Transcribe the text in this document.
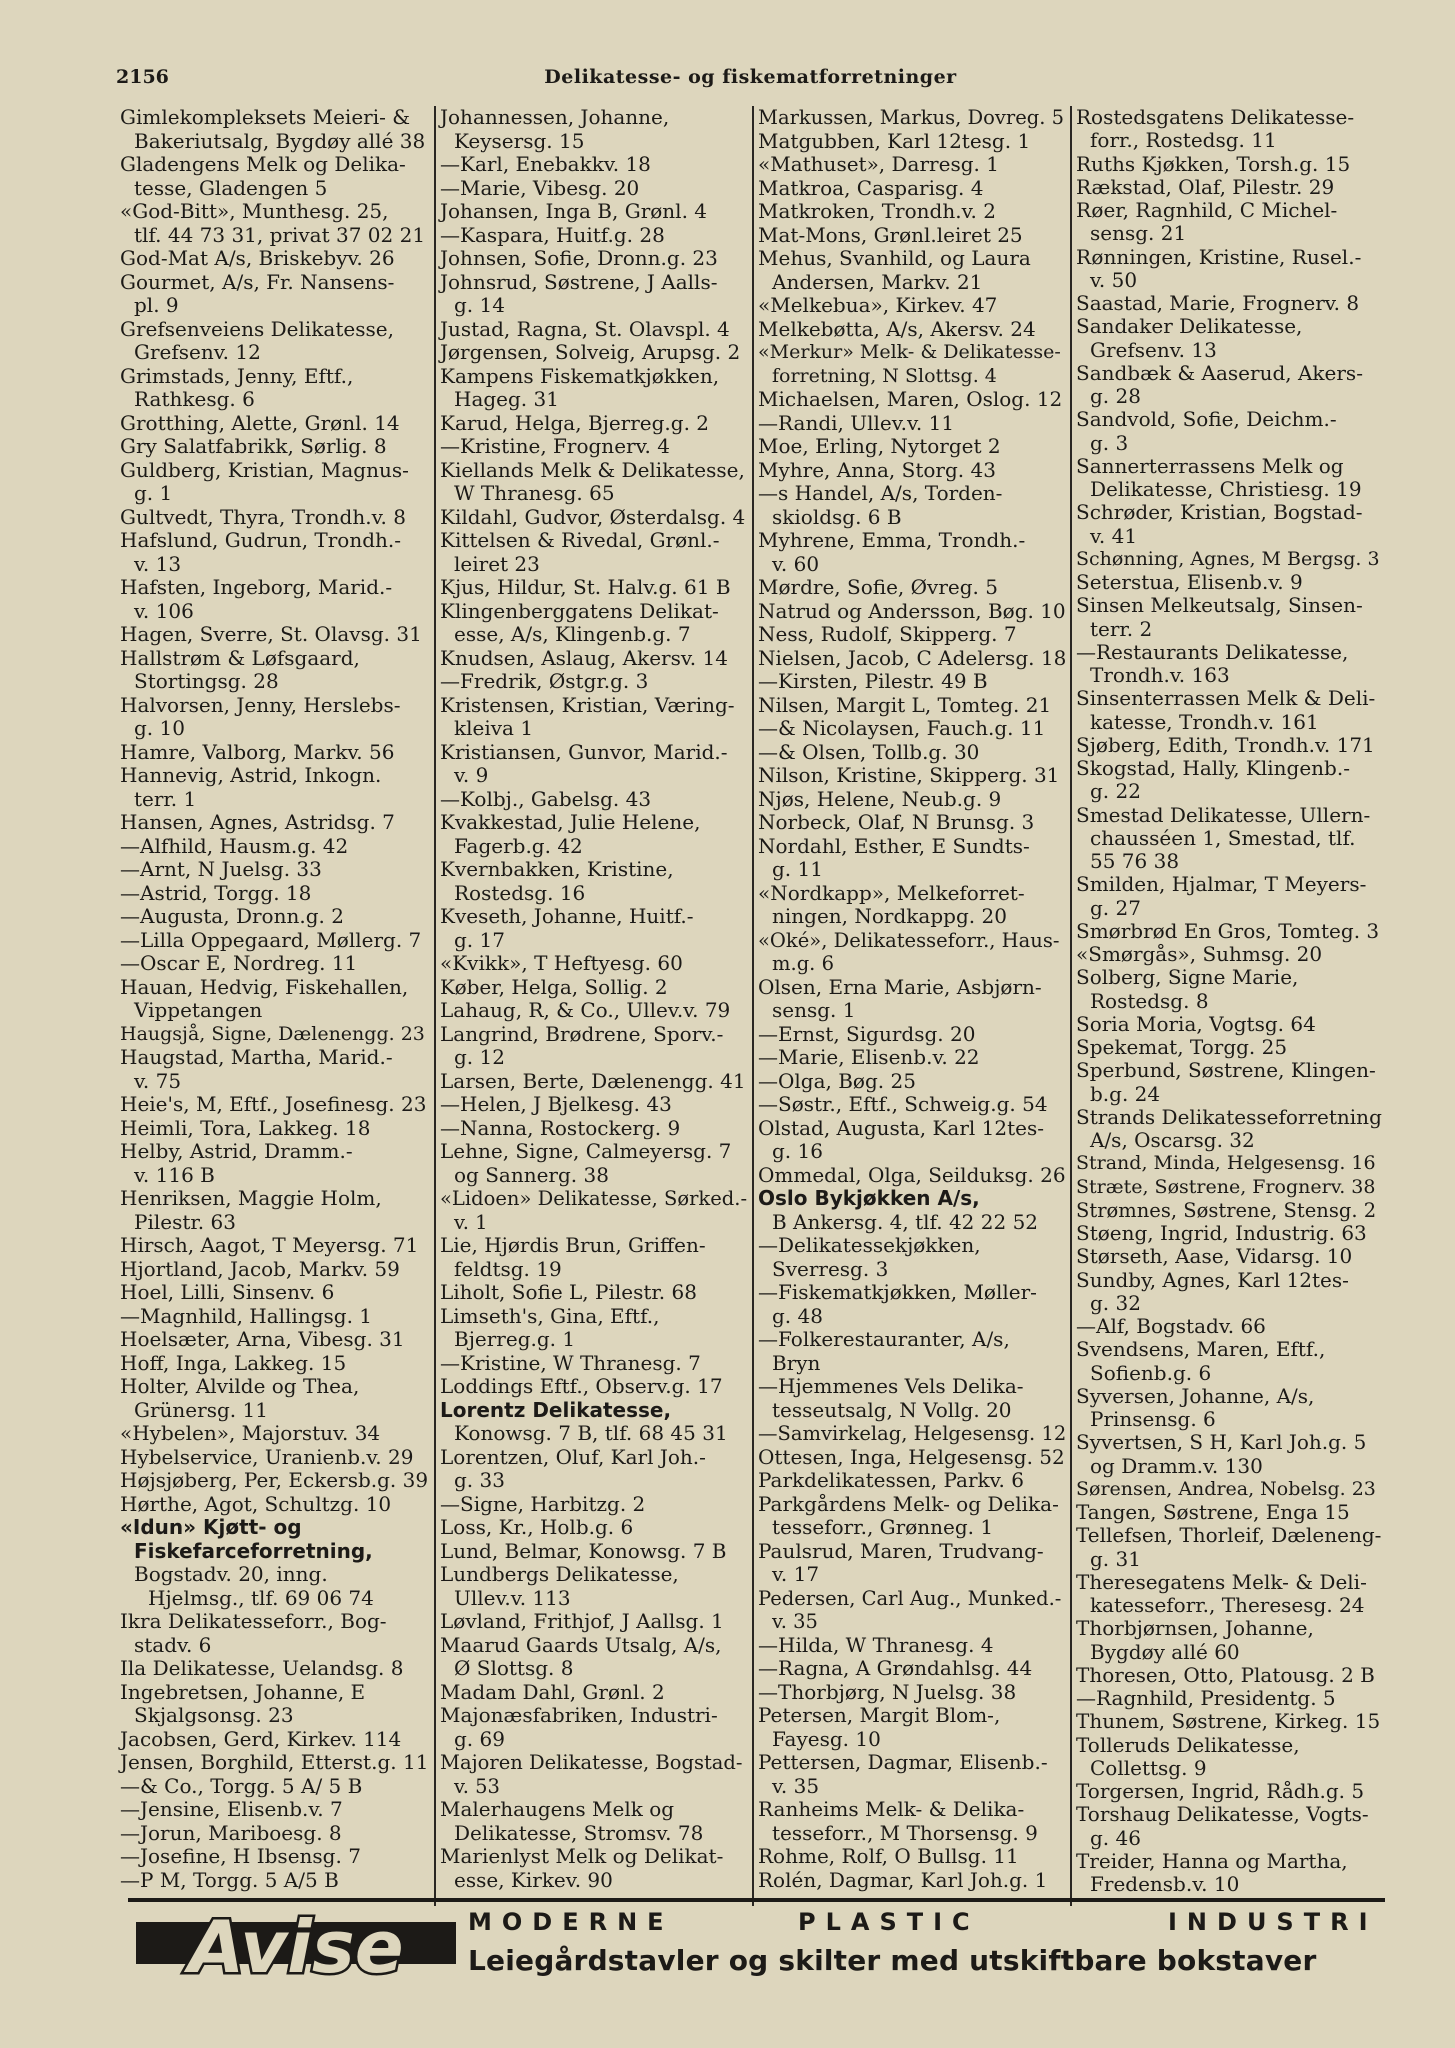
2156	Delikatesse- og fiskematforretninger
Gimlekompleksets Meieri- &
Bakeriutsalg, Bygdøy allé 38
Gladengens Melk og Delika-
tesse, Gladengen 5
«God-Bitt», Munthesg. 25,
tlf. 44 73 31, privat 37 02 21
God-Mat A/s, Briskebyv. 26
Gourmet, A/s, Fr. Nansens-
pl. 9
Grefsenveiens Delikatesse,
Grefsenv. 12
Grimstads, Jenny, Eftf.,
Rathkesg. 6
Grotthing, Alette, Grønl. 14
Gry Salatfabrikk, Sørlig. 8
Guldberg, Kristian, Magnus-
g. 1
Gultvedt, Thyra, Trondh.v. 8
Hafslund, Gudrun, Trondh.-
v. 13
Hafsten, Ingeborg, Marid.-
v. 106
Hagen, Sverre, St. Olavsg. 31
Hallstrøm & Løfsgaard,
Stortingsg. 28
Halvorsen, Jenny, Herslebs-
g. 10
Hamre, Valborg, Markv. 56
Hannevig, Astrid, Inkogn.
terr. 1
Hansen, Agnes, Astridsg. 7
—Alfhild, Hausm.g. 42
—Arnt, N Juelsg. 33
—Astrid, Torgg. 18
—Augusta, Dronn.g. 2
—Lilla Oppegaard, Møllerg. 7
—Oscar E, Nordreg. 11
Hauan, Hedvig, Fiskehallen,
Vippetangen
Haugsjå, Signe, Dælenengg. 23
Haugstad, Martha, Marid.-
v. 75
Heie's, M, Eftf., Josefinesg. 23
Heimli, Tora, Lakkeg. 18
Helby, Astrid, Dramm.-
v. 116 B
Henriksen, Maggie Holm,
Pilestr. 63
Hirsch, Aagot, T Meyersg. 71
Hjortland, Jacob, Markv. 59
Hoel, Lilli, Sinsenv. 6
—Magnhild, Hallingsg. 1
Hoelsæter, Arna, Vibesg. 31
Hoff, Inga, Lakkeg. 15
Holter, Alvilde og Thea,
Grünersg. 11
«Hybelen», Majorstuv. 34
Hybelservice, Uranienb.v. 29
Højsjøberg, Per, Eckersb.g. 39
Hørthe, Agot, Schultzg. 10
«Idun» Kjøtt- og
Fiskefarceforretning,
Bogstadv. 20, inng.
Hjelmsg., tlf. 69 06 74
Ikra Delikatesseforr., Bog-
stadv. 6
Ila Delikatesse, Uelandsg. 8
Ingebretsen, Johanne, E
Skjalgsonsg. 23
Jacobsen, Gerd, Kirkev. 114
Jensen, Borghild, Etterst.g. 11
—& Co., Torgg. 5 A/ 5 B
—Jensine, Elisenb.v. 7
—Jorun, Mariboesg. 8
—Josefine, H Ibsensg. 7
—P M, Torgg. 5 A/5 B
Johannessen, Johanne,
Keysersg. 15
—Karl, Enebakkv. 18
—Marie, Vibesg. 20
Johansen, Inga B, Grønl. 4
—Kaspara, Huitf.g. 28
Johnsen, Sofie, Dronn.g. 23
Johnsrud, Søstrene, J Aalls-
g. 14
Justad, Ragna, St. Olavspl. 4
Jørgensen, Solveig, Arupsg. 2
Kampens Fiskematkjøkken,
Hageg. 31
Karud, Helga, Bjerreg.g. 2
—Kristine, Frognerv. 4
Kiellands Melk & Delikatesse,
W Thranesg. 65
Kildahl, Gudvor, Østerdalsg. 4
Kittelsen & Rivedal, Grønl.-
leiret 23
Kjus, Hildur, St. Halv.g. 61 B
Klingenberggatens Delikat-
esse, A/s, Klingenb.g. 7
Knudsen, Aslaug, Akersv. 14
—Fredrik, Østgr.g. 3
Kristensen, Kristian, Væring-
kleiva 1
Kristiansen, Gunvor, Marid.-
v. 9
—Kolbj., Gabelsg. 43
Kvakkestad, Julie Helene,
Fagerb.g. 42
Kvernbakken, Kristine,
Rostedsg. 16
Kveseth, Johanne, Huitf.-
g. 17
«Kvikk», T Heftyesg. 60
Køber, Helga, Sollig. 2
Lahaug, R, & Co., Ullev.v. 79
Langrind, Brødrene, Sporv.-
g. 12
Larsen, Berte, Dælenengg. 41
—Helen, J Bjelkesg. 43
—Nanna, Rostockerg. 9
Lehne, Signe, Calmeyersg. 7
og Sannerg. 38
«Lidoen» Delikatesse, Sørked.-
v. 1
Lie, Hjørdis Brun, Griffen-
feldtsg. 19
Liholt, Sofie L, Pilestr. 68
Limseth's, Gina, Eftf.,
Bjerreg.g. 1
—Kristine, W Thranesg. 7
Loddings Eftf., Observ.g. 17
Lorentz Delikatesse,
Konowsg. 7 B, tlf. 68 45 31
Lorentzen, Oluf, Karl Joh.-
g. 33
—Signe, Harbitzg. 2
Loss, Kr., Holb.g. 6
Lund, Belmar, Konowsg. 7 B
Lundbergs Delikatesse,
Ullev.v. 113
Løvland, Frithjof, J Aallsg. 1
Maarud Gaards Utsalg, A/s,
Ø Slottsg. 8
Madam Dahl, Grønl. 2
Majonæsfabriken, Industri-
g. 69
Majoren Delikatesse, Bogstad-
v. 53
Malerhaugens Melk og
Delikatesse, Stromsv. 78
Marienlyst Melk og Delikat-
esse, Kirkev. 90
Markussen, Markus, Dovreg. 5
Matgubben, Karl 12tesg. 1
«Mathuset», Darresg. 1
Matkroa, Casparisg. 4
Matkroken, Trondh.v. 2
Mat-Mons, Grønl.leiret 25
Mehus, Svanhild, og Laura
Andersen, Markv. 21
«Melkebua», Kirkev. 47
Melkebøtta, A/s, Akersv. 24
«Merkur» Melk- & Delikatesse-
forretning, N Slottsg. 4
Michaelsen, Maren, Oslog. 12
—Randi, Ullev.v. 11
Moe, Erling, Nytorget 2
Myhre, Anna, Storg. 43
—s Handel, A/s, Torden-
skioldsg. 6 B
Myhrene, Emma, Trondh.-
v. 60
Mørdre, Sofie, Øvreg. 5
Natrud og Andersson, Bøg. 10
Ness, Rudolf, Skipperg. 7
Nielsen, Jacob, C Adelersg. 18
—Kirsten, Pilestr. 49 B
Nilsen, Margit L, Tomteg. 21
—& Nicolaysen, Fauch.g. 11
—& Olsen, Tollb.g. 30
Nilson, Kristine, Skipperg. 31
Njøs, Helene, Neub.g. 9
Norbeck, Olaf, N Brunsg. 3
Nordahl, Esther, E Sundts-
g. 11
«Nordkapp», Melkeforret-
ningen, Nordkappg. 20
«Oké», Delikatesseforr., Haus-
m.g. 6
Olsen, Erna Marie, Asbjørn-
sensg. 1
—Ernst, Sigurdsg. 20
—Marie, Elisenb.v. 22
—Olga, Bøg. 25
—Søstr., Eftf., Schweig.g. 54
Olstad, Augusta, Karl 12tes-
g. 16
Ommedal, Olga, Seilduksg. 26
Oslo Bykjøkken A/s,
B Ankersg. 4, tlf. 42 22 52
—Delikatessekjøkken,
Sverresg. 3
—Fiskematkjøkken, Møller-
g. 48
—Folkerestauranter, A/s,
Bryn
—Hjemmenes Vels Delika-
tesseutsalg, N Vollg. 20
—Samvirkelag, Helgesensg. 12
Ottesen, Inga, Helgesensg. 52
Parkdelikatessen, Parkv. 6
Parkgårdens Melk- og Delika-
tesseforr., Grønneg. 1
Paulsrud, Maren, Trudvang-
v. 17
Pedersen, Carl Aug., Munked.-
v. 35
—Hilda, W Thranesg. 4
—Ragna, A Grøndahlsg. 44
—Thorbjørg, N Juelsg. 38
Petersen, Margit Blom-,
Fayesg. 10
Pettersen, Dagmar, Elisenb.-
v. 35
Ranheims Melk- & Delika-
tesseforr., M Thorsensg. 9
Rohme, Rolf, O Bullsg. 11
Rolén, Dagmar, Karl Joh.g. 1
Rostedsgatens Delikatesse-
forr., Rostedsg. 11
Ruths Kjøkken, Torsh.g. 15
Rækstad, Olaf, Pilestr. 29
Røer, Ragnhild, C Michel-
sensg. 21
Rønningen, Kristine, Rusel.-
v. 50
Saastad, Marie, Frognerv. 8
Sandaker Delikatesse,
Grefsenv. 13
Sandbæk & Aaserud, Akers-
g. 28
Sandvold, Sofie, Deichm.-
g. 3
Sannerterrassens Melk og
Delikatesse, Christiesg. 19
Schrøder, Kristian, Bogstad-
v. 41
Schønning, Agnes, M Bergsg. 3
Seterstua, Elisenb.v. 9
Sinsen Melkeutsalg, Sinsen-
terr. 2
—Restaurants Delikatesse,
Trondh.v. 163
Sinsenterrassen Melk & Deli-
katesse, Trondh.v. 161
Sjøberg, Edith, Trondh.v. 171
Skogstad, Hally, Klingenb.-
g. 22
Smestad Delikatesse, Ullern-
chausséen 1, Smestad, tlf.
55 76 38
Smilden, Hjalmar, T Meyers-
g. 27
Smørbrød En Gros, Tomteg. 3
«Smørgås», Suhmsg. 20
Solberg, Signe Marie,
Rostedsg. 8
Soria Moria, Vogtsg. 64
Spekemat, Torgg. 25
Sperbund, Søstrene, Klingen-
b.g. 24
Strands Delikatesseforretning
A/s, Oscarsg. 32
Strand, Minda, Helgesensg. 16
Stræte, Søstrene, Frognerv. 38
Strømnes, Søstrene, Stensg. 2
Støeng, Ingrid, Industrig. 63
Størseth, Aase, Vidarsg. 10
Sundby, Agnes, Karl 12tes-
g. 32
—Alf, Bogstadv. 66
Svendsens, Maren, Eftf.,
Sofienb.g. 6
Syversen, Johanne, A/s,
Prinsensg. 6
Syvertsen, S H, Karl Joh.g. 5
og Dramm.v. 130
Sørensen, Andrea, Nobelsg. 23
Tangen, Søstrene, Enga 15
Tellefsen, Thorleif, Dæleneng-
g. 31
Theresegatens Melk- & Deli-
katesseforr., Theresesg. 24
Thorbjørnsen, Johanne,
Bygdøy allé 60
Thoresen, Otto, Platousg. 2 B
—Ragnhild, Presidentg. 5
Thunem, Søstrene, Kirkeg. 15
Tolleruds Delikatesse,
Collettsg. 9
Torgersen, Ingrid, Rådh.g. 5
Torshaug Delikatesse, Vogts-
g. 46
Treider, Hanna og Martha,
Fredensb.v. 10
Avise	MODERNE	PLASTIC	INDUSTRI
Leiegårdstavler og skilter med utskiftbare bokstaver
